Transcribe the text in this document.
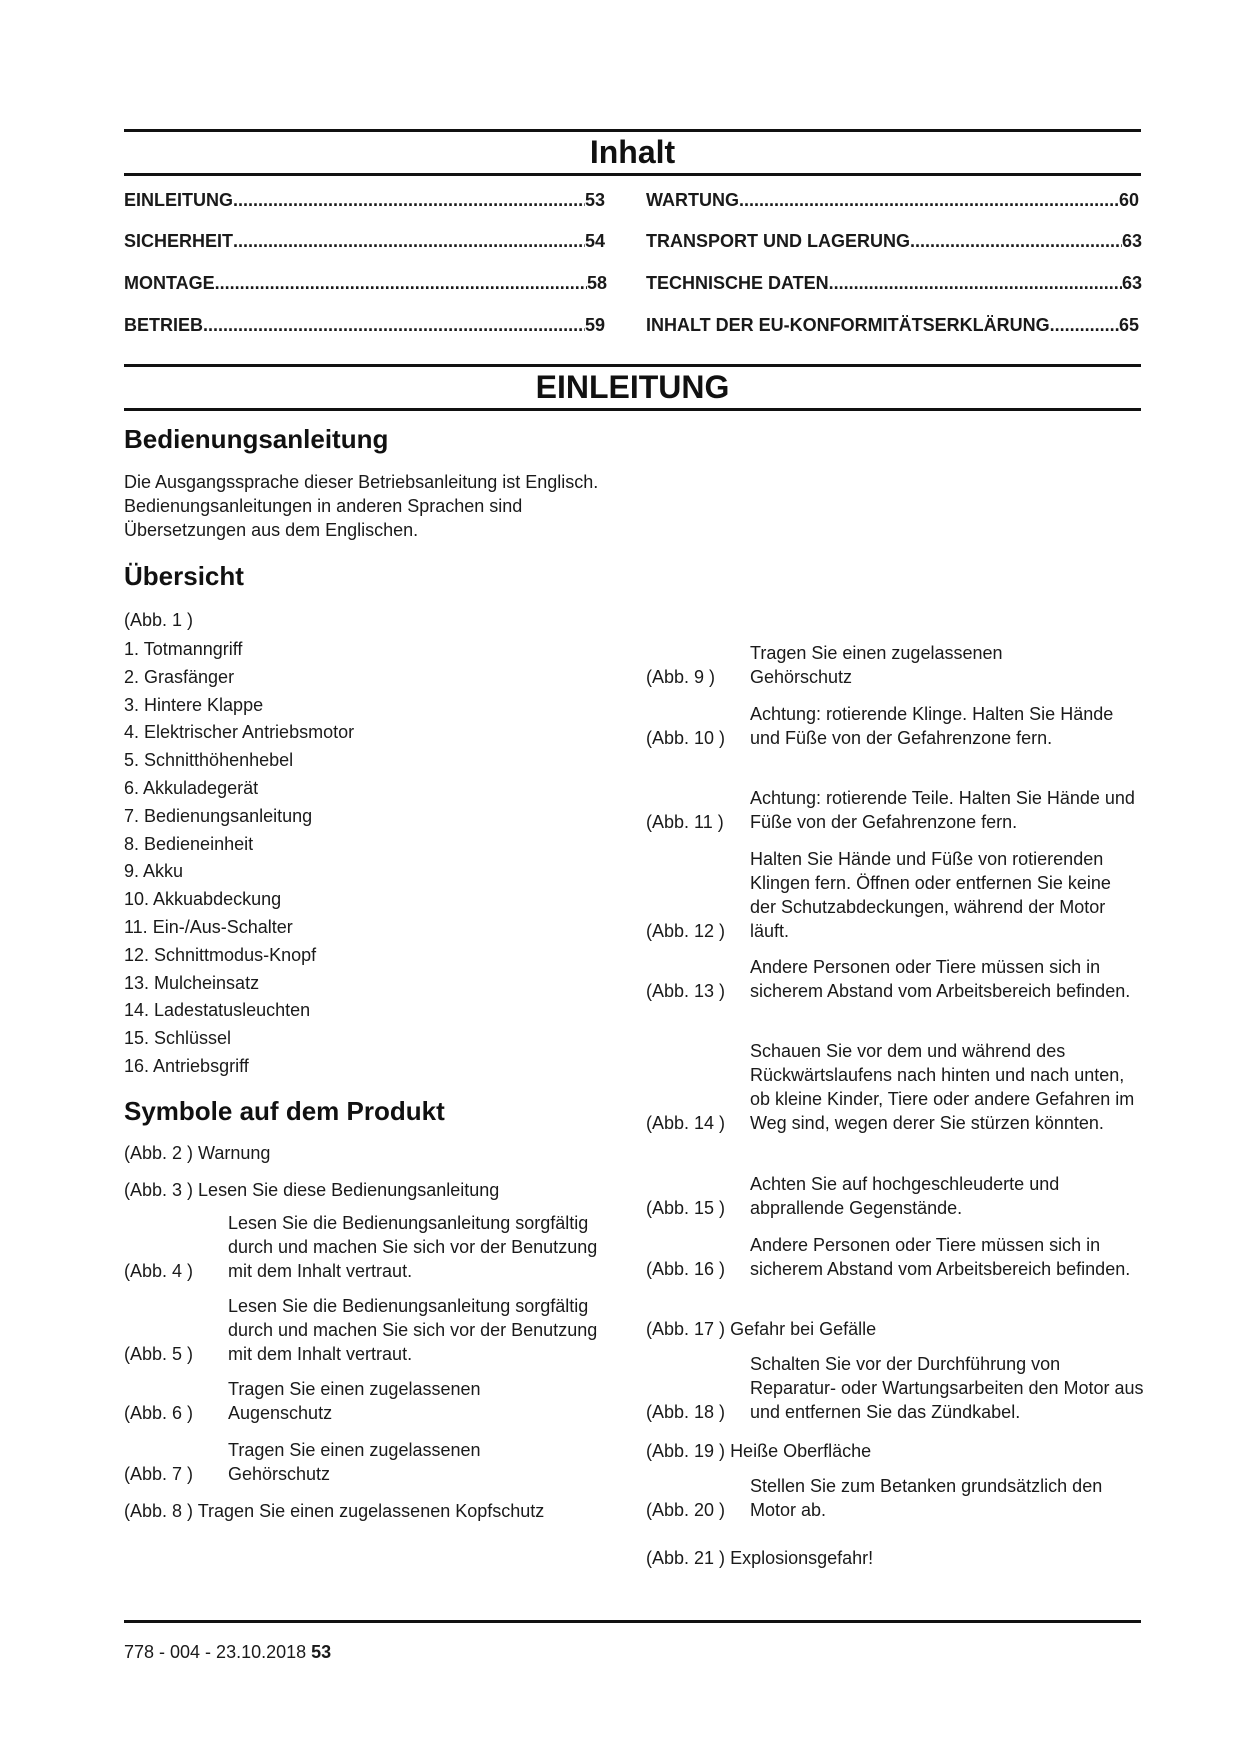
Inhalt
EINLEITUNG .....	53
SICHERHEIT .....	54
MONTAGE .....	58
BETRIEB .....	59
WARTUNG .....	60
TRANSPORT UND LAGERUNG .....	63
TECHNISCHE DATEN .....	63
INHALT DER EU-KONFORMITÄTSERKLÄRUNG .....	65
EINLEITUNG
Bedienungsanleitung
Die Ausgangssprache dieser Betriebsanleitung ist Englisch. Bedienungsanleitungen in anderen Sprachen sind Übersetzungen aus dem Englischen.
Übersicht
(Abb. 1 )
1. Totmanngriff
2. Grasfänger
3. Hintere Klappe
4. Elektrischer Antriebsmotor
5. Schnitthöhenhebel
6. Akkuladegerät
7. Bedienungsanleitung
8. Bedieneinheit
9. Akku
10. Akkuabdeckung
11. Ein-/Aus-Schalter
12. Schnittmodus-Knopf
13. Mulcheinsatz
14. Ladestatusleuchten
15. Schlüssel
16. Antriebsgriff
Symbole auf dem Produkt
(Abb. 2 ) Warnung
(Abb. 3 ) Lesen Sie diese Bedienungsanleitung
(Abb. 4 )
Lesen Sie die Bedienungsanleitung sorgfältig durch und machen Sie sich vor der Benutzung mit dem Inhalt vertraut.
(Abb. 5 )
Lesen Sie die Bedienungsanleitung sorgfältig durch und machen Sie sich vor der Benutzung mit dem Inhalt vertraut.
(Abb. 6 )
Tragen Sie einen zugelassenen Augenschutz
(Abb. 7 )
Tragen Sie einen zugelassenen Gehörschutz
(Abb. 8 ) Tragen Sie einen zugelassenen Kopfschutz
(Abb. 9 )
Tragen Sie einen zugelassenen Gehörschutz
(Abb. 10 )
Achtung: rotierende Klinge. Halten Sie Hände und Füße von der Gefahrenzone fern.
(Abb. 11 )
Achtung: rotierende Teile. Halten Sie Hände und Füße von der Gefahrenzone fern.
(Abb. 12 )
Halten Sie Hände und Füße von rotierenden Klingen fern. Öffnen oder entfernen Sie keine der Schutzabdeckungen, während der Motor läuft.
(Abb. 13 )
Andere Personen oder Tiere müssen sich in sicherem Abstand vom Arbeitsbereich befinden.
(Abb. 14 )
Schauen Sie vor dem und während des Rückwärtslaufens nach hinten und nach unten, ob kleine Kinder, Tiere oder andere Gefahren im Weg sind, wegen derer Sie stürzen könnten.
(Abb. 15 )
Achten Sie auf hochgeschleuderte und abprallende Gegenstände.
(Abb. 16 )
Andere Personen oder Tiere müssen sich in sicherem Abstand vom Arbeitsbereich befinden.
(Abb. 17 ) Gefahr bei Gefälle
(Abb. 18 )
Schalten Sie vor der Durchführung von Reparatur- oder Wartungsarbeiten den Motor aus und entfernen Sie das Zündkabel.
(Abb. 19 ) Heiße Oberfläche
(Abb. 20 )
Stellen Sie zum Betanken grundsätzlich den Motor ab.
(Abb. 21 ) Explosionsgefahr!
778 - 004 - 23.10.2018 53
